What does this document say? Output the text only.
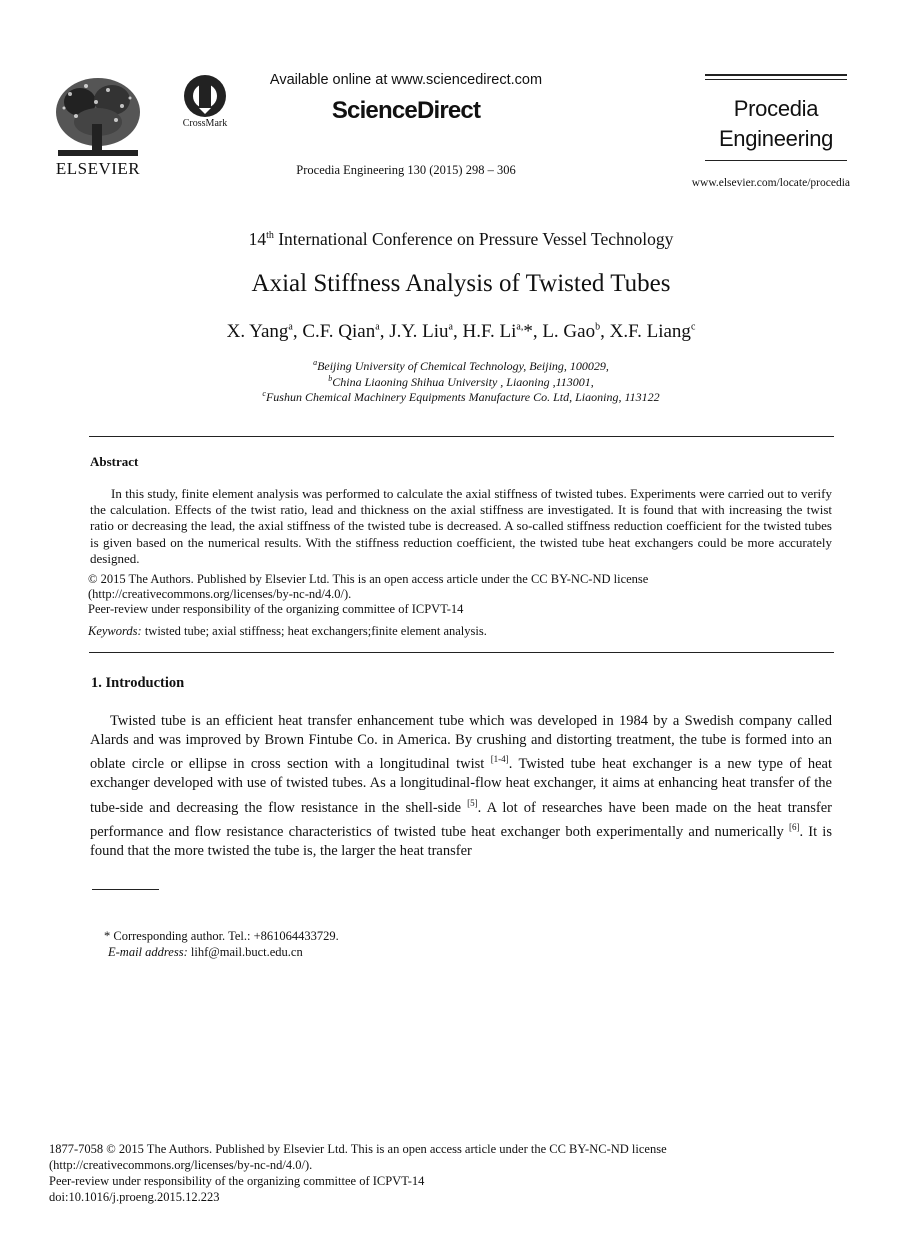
ELSEVIER
CrossMark
Available online at www.sciencedirect.com
ScienceDirect
Procedia Engineering 130 (2015) 298 – 306
Procedia
Engineering
www.elsevier.com/locate/procedia
14th International Conference on Pressure Vessel Technology
Axial Stiffness Analysis of Twisted Tubes
X. Yang$^a$, C.F. Qian$^a$, J.Y. Liu$^a$, H.F. $Li^{a,}*$, L. Gao$^b$, X.F. Liang$^c$
$^a$Beijing University of Chemical Technology, Beijing, 100029,
$^b$China Liaoning Shihua University , Liaoning ,113001,
$^c$Fushun Chemical Machinery Equipments Manufacture Co. Ltd, Liaoning, 113122
Abstract
In this study, finite element analysis was performed to calculate the axial stiffness of twisted tubes. Experiments were carried out to verify the calculation. Effects of the twist ratio, lead and thickness on the axial stiffness are investigated. It is found that with increasing the twist ratio or decreasing the lead, the axial stiffness of the twisted tube is decreased. A so-called stiffness reduction coefficient for the twisted tubes is given based on the numerical results. With the stiffness reduction coefficient, the twisted tube heat exchangers could be more accurately designed.
© 2015 The Authors. Published by Elsevier Ltd. This is an open access article under the CC BY-NC-ND license
(http://creativecommons.org/licenses/by-nc-nd/4.0/).
Peer-review under responsibility of the organizing committee of ICPVT-14
Keywords: twisted tube; axial stiffness; heat exchangers;finite element analysis.
1. Introduction
Twisted tube is an efficient heat transfer enhancement tube which was developed in 1984 by a Swedish company called Alards and was improved by Brown Fintube Co. in America. By crushing and distorting treatment, the tube is formed into an oblate circle or ellipse in cross section with a longitudinal twist [1-4]. Twisted tube heat exchanger is a new type of heat exchanger developed with use of twisted tubes. As a longitudinal-flow heat exchanger, it aims at enhancing heat transfer of the tube-side and decreasing the flow resistance in the shell-side [5]. A lot of researches have been made on the heat transfer performance and flow resistance characteristics of twisted tube heat exchanger both experimentally and numerically [6]. It is found that the more twisted the tube is, the larger the heat transfer
* Corresponding author. Tel.: +861064433729.
E-mail address: lihf@mail.buct.edu.cn
1877-7058 © 2015 The Authors. Published by Elsevier Ltd. This is an open access article under the CC BY-NC-ND license
(http://creativecommons.org/licenses/by-nc-nd/4.0/).
Peer-review under responsibility of the organizing committee of ICPVT-14
doi:10.1016/j.proeng.2015.12.223
